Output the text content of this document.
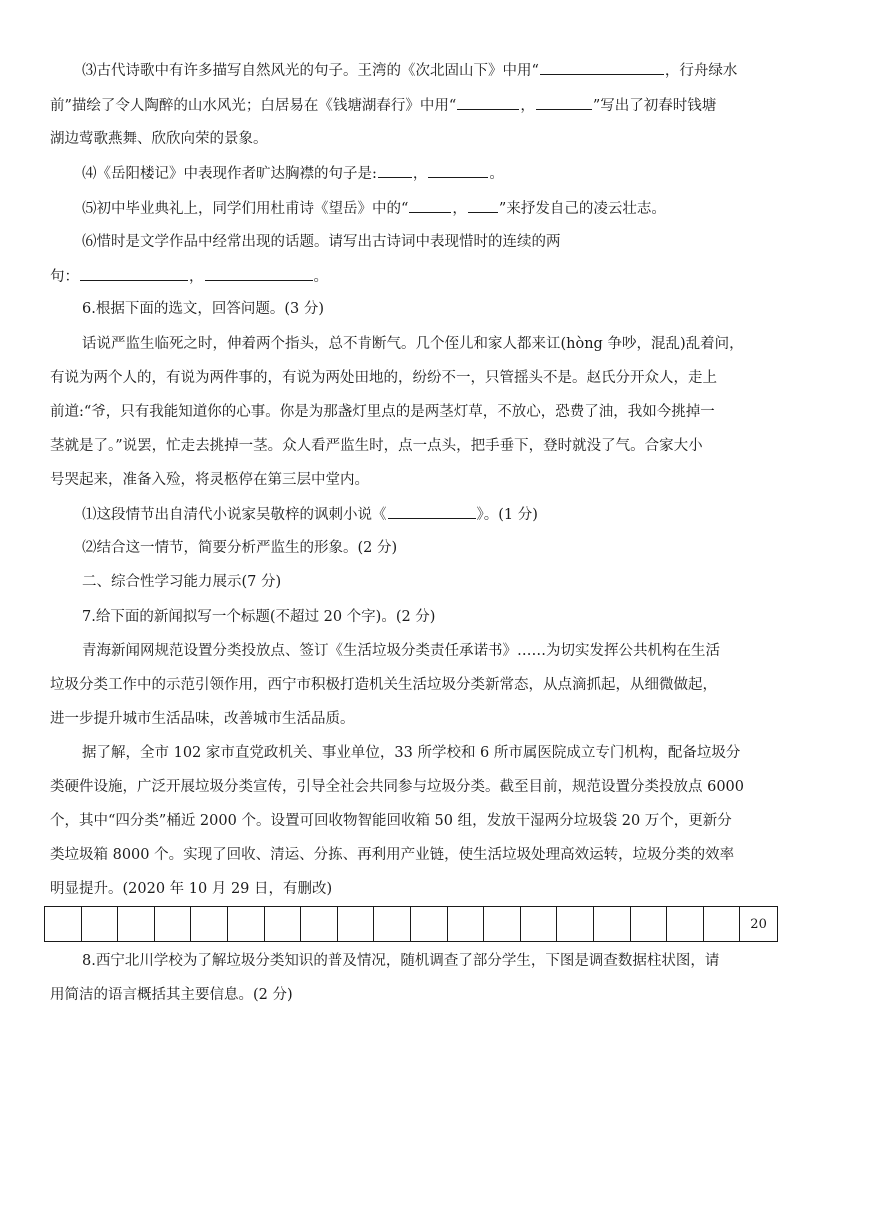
⑶古代诗歌中有许多描写自然风光的句子。王湾的《次北固山下》中用“	，行舟绿水
前”描绘了令人陶醉的山水风光；白居易在《钱塘湖春行》中用“	，	”写出了初春时钱塘
湖边莺歌燕舞、欣欣向荣的景象。
⑷《岳阳楼记》中表现作者旷达胸襟的句子是: ，	。
⑸初中毕业典礼上，同学们用杜甫诗《望岳》中的“	， ”来抒发自己的凌云壮志。
⑹惜时是文学作品中经常出现的话题。请写出古诗词中表现惜时的连续的两
句：	，	。
6.根据下面的选文，回答问题。(3 分)
话说严监生临死之时，伸着两个指头，总不肯断气。几个侄儿和家人都来讧(hòng 争吵，混乱)乱着问，
有说为两个人的，有说为两件事的，有说为两处田地的，纷纷不一，只管摇头不是。赵氏分开众人，走上
前道:“爷，只有我能知道你的心事。你是为那盏灯里点的是两茎灯草，不放心，恐费了油，我如今挑掉一
茎就是了。”说罢，忙走去挑掉一茎。众人看严监生时，点一点头，把手垂下，登时就没了气。合家大小
号哭起来，准备入殓，将灵柩停在第三层中堂内。
⑴这段情节出自清代小说家吴敬梓的讽刺小说《	》。(1 分)
⑵结合这一情节，简要分析严监生的形象。(2 分)
二、综合性学习能力展示(7 分)
7.给下面的新闻拟写一个标题(不超过 20 个字)。(2 分)
青海新闻网规范设置分类投放点、签订《生活垃圾分类责任承诺书》……为切实发挥公共机构在生活
垃圾分类工作中的示范引领作用，西宁市积极打造机关生活垃圾分类新常态，从点滴抓起，从细微做起，
进一步提升城市生活品味，改善城市生活品质。
据了解，全市 102 家市直党政机关、事业单位，33 所学校和 6 所市属医院成立专门机构，配备垃圾分
类硬件设施，广泛开展垃圾分类宣传，引导全社会共同参与垃圾分类。截至目前，规范设置分类投放点 6000
个，其中“四分类”桶近 2000 个。设置可回收物智能回收箱 50 组，发放干湿两分垃圾袋 20 万个，更新分
类垃圾箱 8000 个。实现了回收、清运、分拣、再利用产业链，使生活垃圾处理高效运转，垃圾分类的效率
明显提升。(2020 年 10 月 29 日，有删改)
20
8.西宁北川学校为了解垃圾分类知识的普及情况，随机调查了部分学生，下图是调查数据柱状图，请
用简洁的语言概括其主要信息。(2 分)
